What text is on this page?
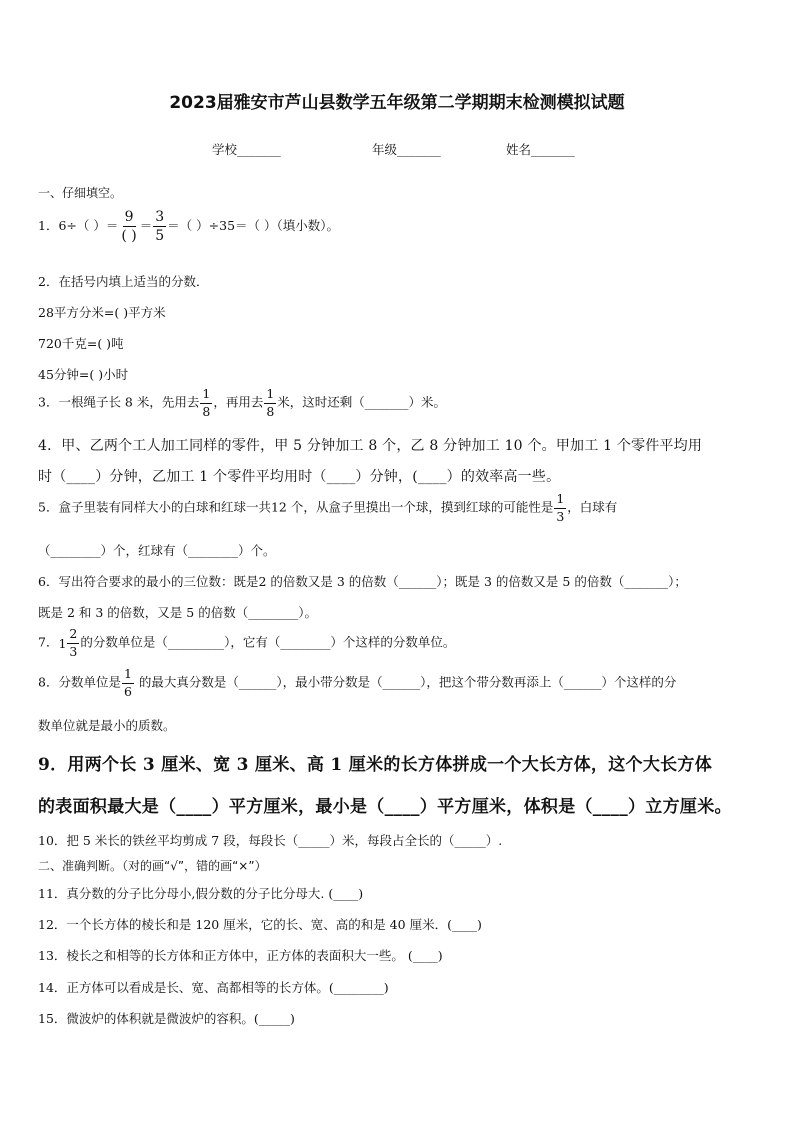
2023届雅安市芦山县数学五年级第二学期期末检测模拟试题
学校_______	年级_______	姓名_______
一、仔细填空。
1．6÷（ ）＝ $\frac{9}{( )} = \frac{3}{5}$ ＝（ ）÷35＝（ ）（填小数）。
2．在括号内填上适当的分数．
28平方分米=( )平方米
720千克=( )吨
45分钟=( )小时
3．一根绳子长 8 米，先用去 $\frac{1}{8}$ ，再用去 $\frac{1}{8}$ 米，这时还剩（_______）米。
4．甲、乙两个工人加工同样的零件，甲 5 分钟加工 8 个，乙 8 分钟加工 10 个。甲加工 1 个零件平均用
时（____）分钟，乙加工 1 个零件平均用时（____）分钟，(____）的效率高一些。
5．盒子里装有同样大小的白球和红球一共12 个，从盒子里摸出一个球，摸到红球的可能性是 $\frac{1}{3}$ ，白球有
（________）个，红球有（________）个。
6．写出符合要求的最小的三位数：既是2 的倍数又是 3 的倍数（______）；既是 3 的倍数又是 5 的倍数（_______）；
既是 2 和 3 的倍数，又是 5 的倍数（________）。
7． $1 \frac{2}{3}$ 的分数单位是（_________），它有（________）个这样的分数单位。
8．分数单位是 $\frac{1}{6}$ 的最大真分数是（______），最小带分数是（______），把这个带分数再添上（______）个这样的分
数单位就是最小的质数。
9．用两个长 3 厘米、宽 3 厘米、高 1 厘米的长方体拼成一个大长方体，这个大长方体
的表面积最大是（____）平方厘米，最小是（____）平方厘米，体积是（____）立方厘米。
10．把 5 米长的铁丝平均剪成 7 段，每段长（_____）米，每段占全长的（_____）.
二、准确判断。（对的画“√”，错的画“×”）
11．真分数的分子比分母小,假分数的分子比分母大. (____)
12．一个长方体的棱长和是 120 厘米，它的长、宽、高的和是 40 厘米．(____)
13．棱长之和相等的长方体和正方体中，正方体的表面积大一些。 (____)
14．正方体可以看成是长、宽、高都相等的长方体。(________)
15．微波炉的体积就是微波炉的容积。(_____)
